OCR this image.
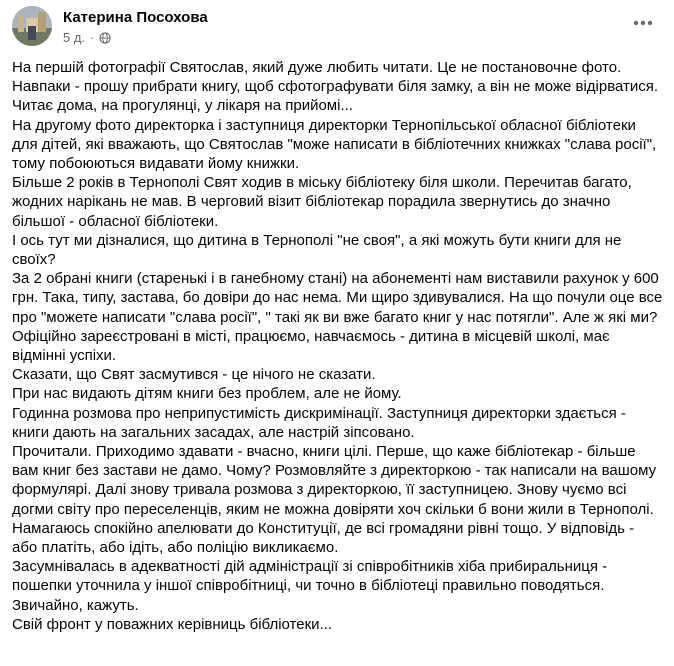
Катерина Посохова
5 д. ·

На першій фотографії Святослав, який дуже любить читати. Це не постановочне фото.

Навпаки - прошу прибрати книгу, щоб сфотографувати біля замку, а він не може відірватися.

Читає дома, на прогулянці, у лікаря на прийомі...

На другому фото директорка і заступниця директорки Тернопільської обласної бібліотеки

для дітей, які вважають, що Святослав "може написати в бібліотечних книжках "слава росії",

тому побоюються видавати йому книжки.

Більше 2 років в Тернополі Свят ходив в міську бібліотеку біля школи. Перечитав багато,

жодних нарікань не мав. В черговий візит бібліотекар порадила звернутись до значно

більшої - обласної бібліотеки.

І ось тут ми дізналися, що дитина в Тернополі "не своя", а які можуть бути книги для не

своїх?

За 2 обрані книги (старенькі і в ганебному стані) на абонементі нам виставили рахунок у 600

грн. Така, типу, застава, бо довіри до нас нема. Ми щиро здивувалися. На що почули оце все

про "можете написати "слава росії", " такі як ви вже багато книг у нас потягли". Але ж які ми?

Офіційно зареєстровані в місті, працюємо, навчаємось - дитина в місцевій школі, має

відмінні успіхи.

Сказати, що Свят засмутився - це нічого не сказати.

При нас видають дітям книги без проблем, але не йому.

Годинна розмова про неприпустимість дискримінації. Заступниця директорки здається -

книги дають на загальних засадах, але настрій зіпсовано.

Прочитали. Приходимо здавати - вчасно, книги цілі. Перше, що каже бібліотекар - більше

вам книг без застави не дамо. Чому? Розмовляйте з директоркою - так написали на вашому

формулярі. Далі знову тривала розмова з директоркою, її заступницею. Знову чуємо всі

догми світу про переселенців, яким не можна довіряти хоч скільки б вони жили в Тернополі.

Намагаюсь спокійно апелювати до Конституції, де всі громадяни рівні тощо. У відповідь -

або платіть, або ідіть, або поліцію викликаємо.

Засумнівалась в адекватності дій адміністрації зі співробітників хіба прибиральниця -

пошепки уточнила у іншої співробітниці, чи точно в бібліотеці правильно поводяться.

Звичайно, кажуть.

Свій фронт у поважних керівниць бібліотеки...
